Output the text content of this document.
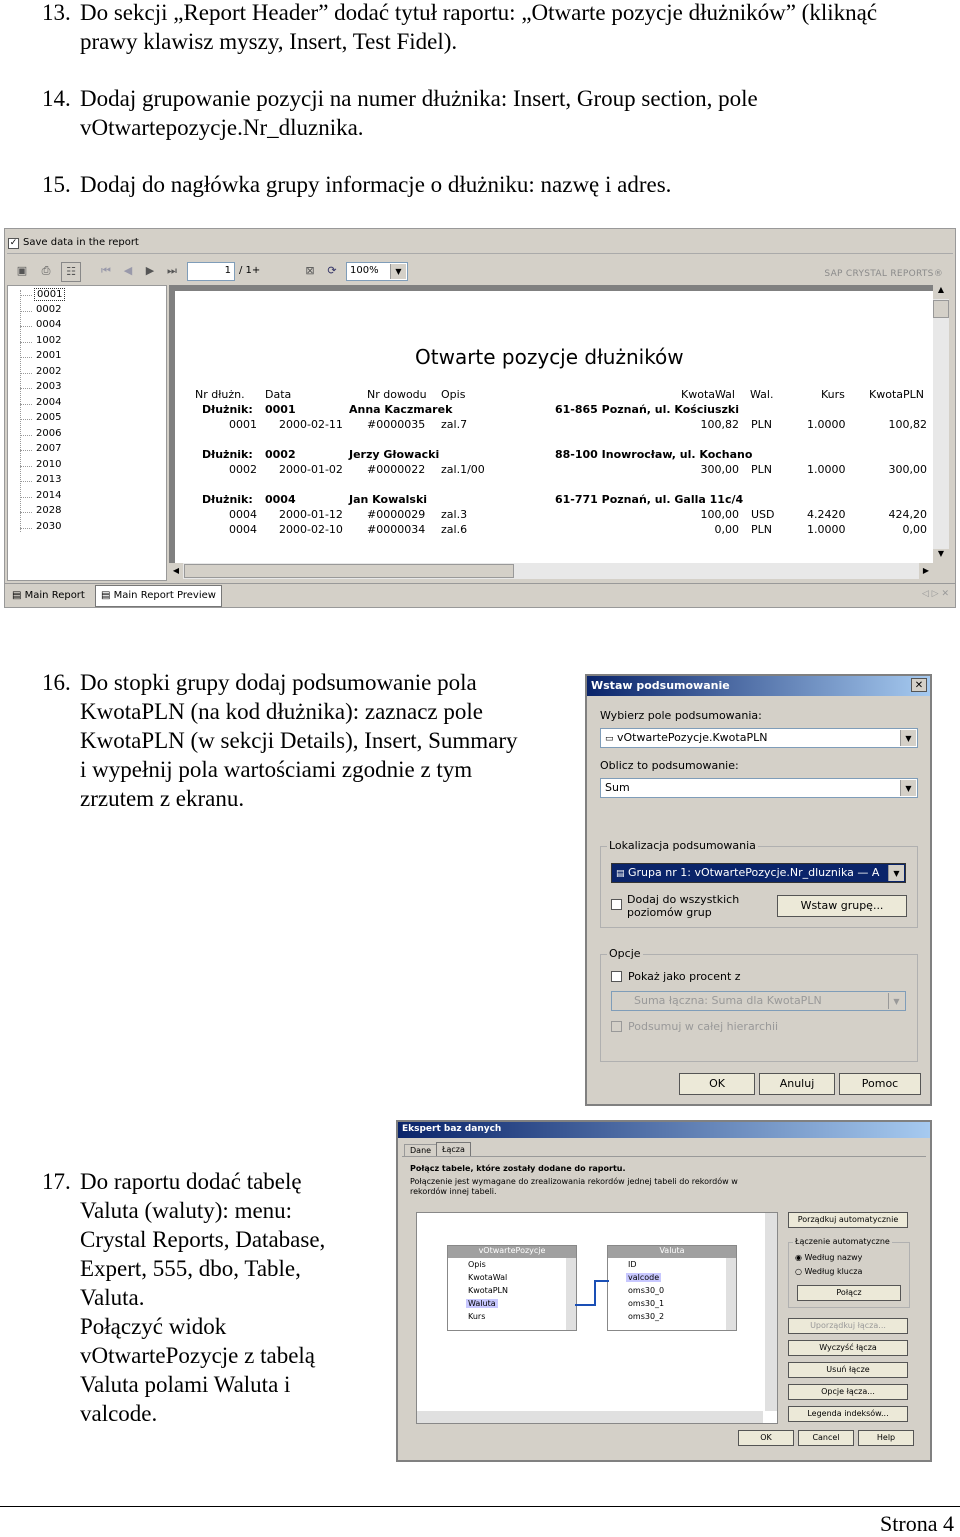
13. Do sekcji „Report Header” dodać tytuł raportu: „Otwarte pozycje dłużników” (kliknąć
prawy klawisz myszy, Insert, Test Fidel).
14. Dodaj grupowanie pozycji na numer dłużnika: Insert, Group section, pole
vOtwartepozycje.Nr_dluznika.
15. Dodaj do nagłówka grupy informacje o dłużniku: nazwę i adres.
✓ Save data in the report
▣	⎙	☷	⏮	◀	▶	⏭	1 / 1+	⊠	⟳	100%	▼	SAP CRYSTAL REPORTS®
0001
0002
0004
1002
2001
2002
2003
2004
2005
2006
2007
2010
2013
2014
2028
2030
Otwarte pozycje dłużników
Nr dłużn. Data	Nr dowodu Opis	KwotaWal Wal.	Kurs KwotaPLN
Dłużnik: 0001	Anna Kaczmarek	61-865 Poznań, ul. Kościuszki
0001 2000-02-11 #0000035 zal.7	100,82 PLN	1.0000	100,82
Dłużnik: 0002	Jerzy Głowacki	88-100 Inowrocław, ul. Kochano
0002 2000-01-02 #0000022 zal.1/00	300,00 PLN	1.0000	300,00
Dłużnik: 0004	Jan Kowalski	61-771 Poznań, ul. Galla 11c/4
0004 2000-01-12 #0000029 zal.3	100,00 USD	4.2420	424,20
0004 2000-02-10 #0000034 zal.6	0,00 PLN	1.0000	0,00
▲
▼
◀	▶
▤ Main Report	▤ Main Report Preview	◁ ▷ ✕
16. Do stopki grupy dodaj podsumowanie pola
KwotaPLN (na kod dłużnika): zaznacz pole
KwotaPLN (w sekcji Details), Insert, Summary
i wypełnij pola wartościami zgodnie z tym
zrzutem z ekranu.
Wstaw podsumowanie	✕
Wybierz pole podsumowania:
▭ vOtwartePozycje.KwotaPLN	▼
Oblicz to podsumowanie:
Sum	▼
Lokalizacja podsumowania
▤ Grupa nr 1: vOtwartePozycje.Nr_dluznika — A	▼
Dodaj do wszystkich
poziomów grup
Wstaw grupę...
Opcje
Pokaż jako procent z
Suma łączna: Suma dla KwotaPLN	▼
Podsumuj w całej hierarchii
OK	Anuluj	Pomoc
17. Do raportu dodać tabelę
Valuta (waluty): menu:
Crystal Reports, Database,
Expert, 555, dbo, Table,
Valuta.
Połączyć widok
vOtwartePozycje z tabelą
Valuta polami Waluta i
valcode.
Ekspert baz danych
Dane	Łącza
Połącz tabele, które zostały dodane do raportu.
Połączenie jest wymagane do zrealizowania rekordów jednej tabeli do rekordów w
rekordów innej tabeli.
vOtwartePozycje
Opis
KwotaWal
KwotaPLN
Waluta
Kurs
Valuta
ID
valcode
oms30_0
oms30_1
oms30_2
Porządkuj automatycznie
Łączenie automatyczne
◉ Według nazwy
○ Według klucza
Połącz
Uporządkuj łącza...
Wyczyść łącza
Usuń łącze
Opcje łącza...
Legenda indeksów...
OK	Cancel	Help
Strona 4
